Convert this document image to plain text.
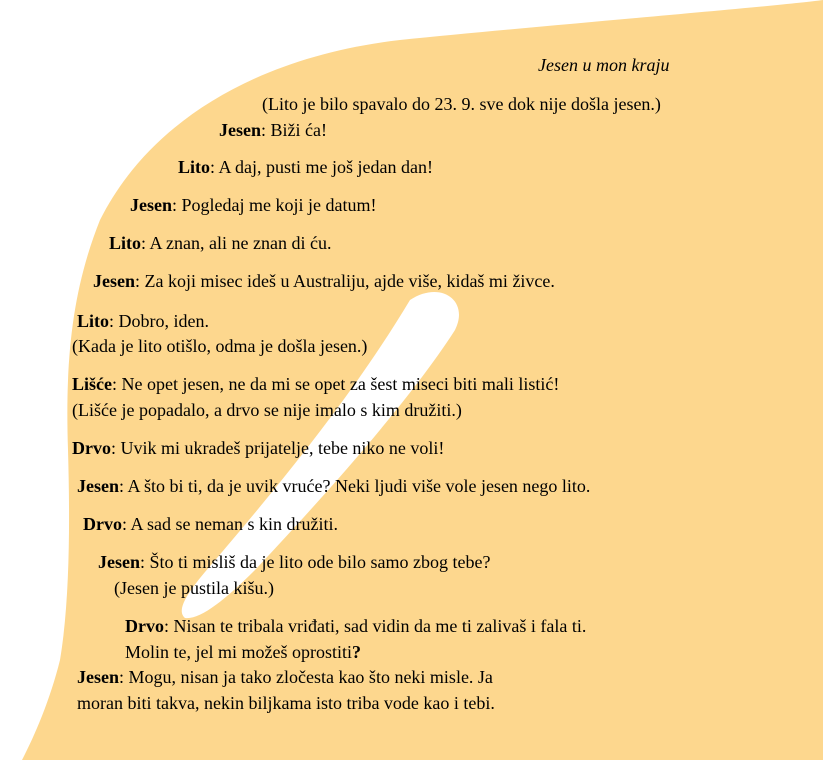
Jesen u mon kraju
(Lito je bilo spavalo do 23. 9. sve dok nije došla jesen.)
Jesen: Biži ća!
Lito: A daj, pusti me još jedan dan!
Jesen: Pogledaj me koji je datum!
Lito: A znan, ali ne znan di ću.
Jesen: Za koji misec ideš u Australiju, ajde više, kidaš mi živce.
Lito: Dobro, iden.
(Kada je lito otišlo, odma je došla jesen.)
Lišće: Ne opet jesen, ne da mi se opet za šest miseci biti mali listić!
(Lišće je popadalo, a drvo se nije imalo s kim družiti.)
Drvo: Uvik mi ukradeš prijatelje, tebe niko ne voli!
Jesen: A što bi ti, da je uvik vruće? Neki ljudi više vole jesen nego lito.
Drvo: A sad se neman s kin družiti.
Jesen: Što ti misliš da je lito ode bilo samo zbog tebe?
(Jesen je pustila kišu.)
Drvo: Nisan te tribala vriđati, sad vidin da me ti zalivaš i fala ti.
Molin te, jel mi možeš oprostiti?
Jesen: Mogu, nisan ja tako zločesta kao što neki misle. Ja
moran biti takva, nekin biljkama isto triba vode kao i tebi.
